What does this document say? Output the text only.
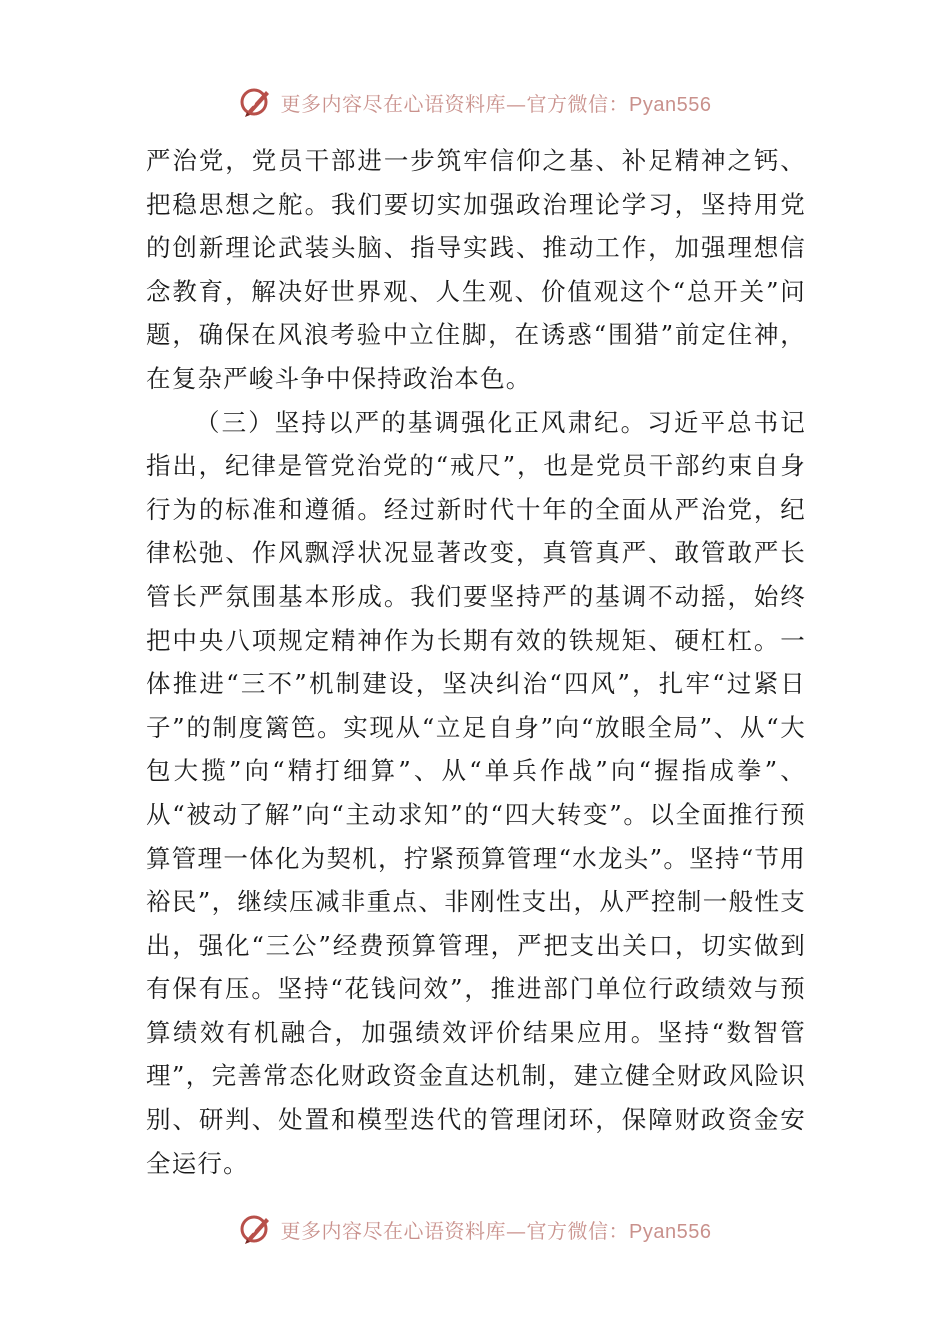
更多内容尽在心语资料库—官方微信：Pyan556

严治党，党员干部进一步筑牢信仰之基、补足精神之钙、把稳思想之舵。我们要切实加强政治理论学习，坚持用党的创新理论武装头脑、指导实践、推动工作，加强理想信念教育，解决好世界观、人生观、价值观这个“总开关”问题，确保在风浪考验中立住脚，在诱惑“围猎”前定住神，在复杂严峻斗争中保持政治本色。

（三）坚持以严的基调强化正风肃纪。习近平总书记指出，纪律是管党治党的“戒尺”，也是党员干部约束自身行为的标准和遵循。经过新时代十年的全面从严治党，纪律松弛、作风飘浮状况显著改变，真管真严、敢管敢严长管长严氛围基本形成。我们要坚持严的基调不动摇，始终把中央八项规定精神作为长期有效的铁规矩、硬杠杠。一体推进“三不”机制建设，坚决纠治“四风”，扎牢“过紧日子”的制度篱笆。实现从“立足自身”向“放眼全局”、从“大包大揽”向“精打细算”、从“单兵作战”向“握指成拳”、从“被动了解”向“主动求知”的“四大转变”。以全面推行预算管理一体化为契机，拧紧预算管理“水龙头”。坚持“节用裕民”，继续压减非重点、非刚性支出，从严控制一般性支出，强化“三公”经费预算管理，严把支出关口，切实做到有保有压。坚持“花钱问效”，推进部门单位行政绩效与预算绩效有机融合，加强绩效评价结果应用。坚持“数智管理”，完善常态化财政资金直达机制，建立健全财政风险识别、研判、处置和模型迭代的管理闭环，保障财政资金安全运行。

更多内容尽在心语资料库—官方微信：Pyan556
